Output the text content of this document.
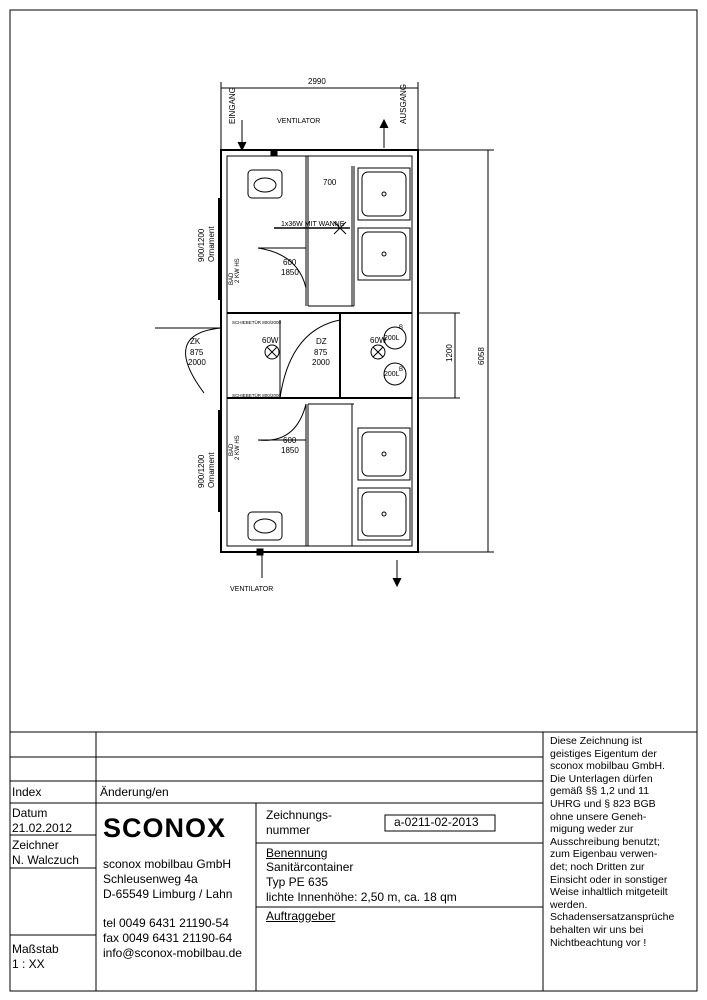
2990
6058
1200
VENTILATOR
VENTILATOR
EINGANG	AUSGANG
700
1x36W MIT WANNE
600
1850
600
1850
900/1200 Ornament
900/1200 Ornament
2 KW HS
2 KW HS
BAD
BAD
ZK
875
2000
DZ
875
2000
60W	60W
200L
200L
B
B
SCHIEBETÜR 800/2000
SCHIEBETÜR 800/2000
Index	Änderung/en
Datum
21.02.2012
Zeichner
N. Walczuch
Maßstab
1 : XX
SCONOX
sconox mobilbau GmbH
Schleusenweg 4a
D-65549 Limburg / Lahn
tel 0049 6431 21190-54
fax 0049 6431 21190-64
info@sconox-mobilbau.de
Zeichnungs-
nummer
a-0211-02-2013
Benennung
Sanitärcontainer
Typ PE 635
lichte Innenhöhe: 2,50 m, ca. 18 qm
Auftraggeber
Diese Zeichnung ist
geistiges Eigentum der
sconox mobilbau GmbH.
Die Unterlagen dürfen
gemäß §§ 1,2 und 11
UHRG und § 823 BGB
ohne unsere Geneh-
migung weder zur
Ausschreibung benutzt;
zum Eigenbau verwen-
det; noch Dritten zur
Einsicht oder in sonstiger
Weise inhaltlich mitgeteilt
werden.
Schadensersatzansprüche
behalten wir uns bei
Nichtbeachtung vor !
